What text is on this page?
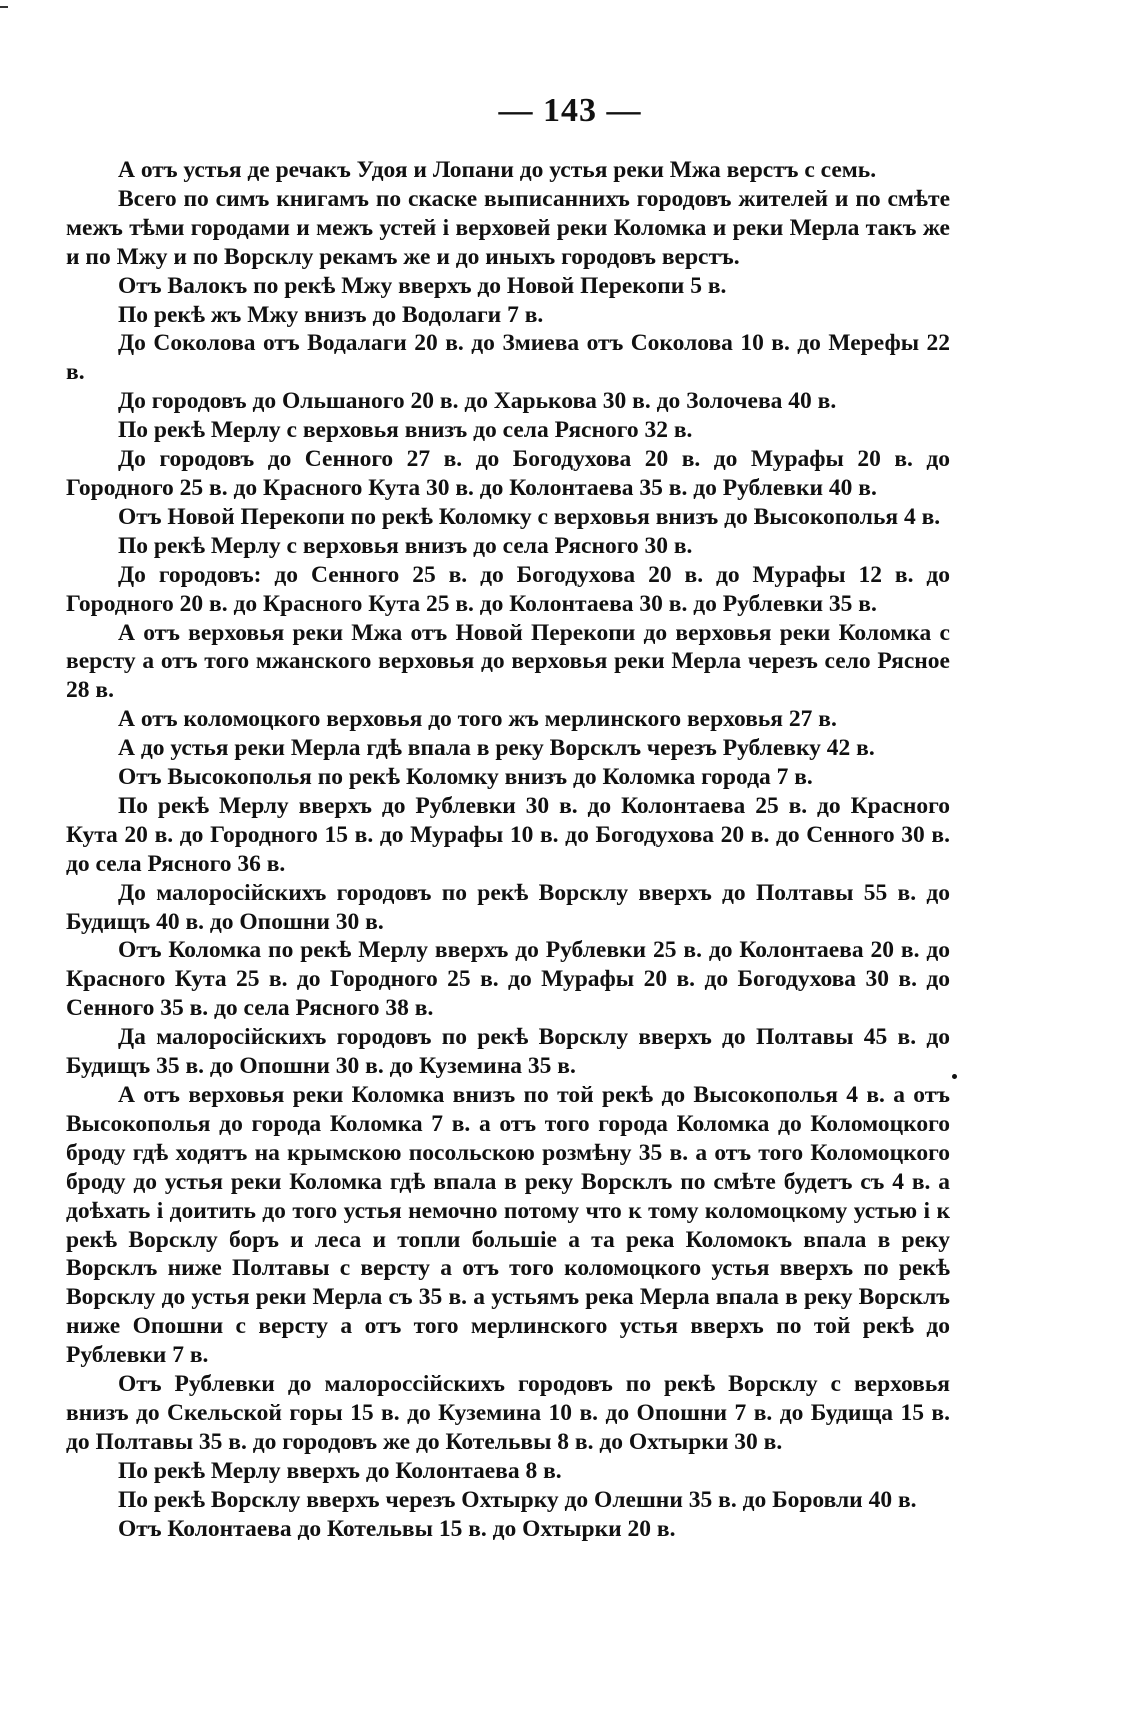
— 143 —

А отъ устья де речакъ Удоя и Лопани до устья реки Мжа верстъ с семь.

Всего по симъ книгамъ по скаске выписаннихъ городовъ жителей и по смѣте межъ тѣми городами и межъ устей і верховей реки Коломка и реки Мерла такъ же и по Мжу и по Ворсклу рекамъ же и до иныхъ городовъ верстъ.

Отъ Валокъ по рекѣ Мжу вверхъ до Новой Перекопи 5 в.

По рекѣ жъ Мжу внизъ до Водолаги 7 в.

До Соколова отъ Водалаги 20 в. до Змиева отъ Соколова 10 в. до Мерефы 22 в.

До городовъ до Ольшаного 20 в. до Харькова 30 в. до Золочева 40 в.

По рекѣ Мерлу с верховья внизъ до села Рясного 32 в.

До городовъ до Сенного 27 в. до Богодухова 20 в. до Мурафы 20 в. до Городного 25 в. до Красного Кута 30 в. до Колонтаева 35 в. до Рублевки 40 в.

Отъ Новой Перекопи по рекѣ Коломку с верховья внизъ до Высокополья 4 в.

По рекѣ Мерлу с верховья внизъ до села Рясного 30 в.

До городовъ: до Сенного 25 в. до Богодухова 20 в. до Мурафы 12 в. до Городного 20 в. до Красного Кута 25 в. до Колонтаева 30 в. до Рублевки 35 в.

А отъ верховья реки Мжа отъ Новой Перекопи до верховья реки Коломка с версту а отъ того мжанского верховья до верховья реки Мерла черезъ село Рясное 28 в.

А отъ коломоцкого верховья до того жъ мерлинского верховья 27 в.

А до устья реки Мерла гдѣ впала в реку Ворсклъ черезъ Рублевку 42 в.

Отъ Высокополья по рекѣ Коломку внизъ до Коломка города 7 в.

По рекѣ Мерлу вверхъ до Рублевки 30 в. до Колонтаева 25 в. до Красного Кута 20 в. до Городного 15 в. до Мурафы 10 в. до Богодухова 20 в. до Сенного 30 в. до села Рясного 36 в.

До малоросійскихъ городовъ по рекѣ Ворсклу вверхъ до Полтавы 55 в. до Будищъ 40 в. до Опошни 30 в.

Отъ Коломка по рекѣ Мерлу вверхъ до Рублевки 25 в. до Колонтаева 20 в. до Красного Кута 25 в. до Городного 25 в. до Мурафы 20 в. до Богодухова 30 в. до Сенного 35 в. до села Рясного 38 в.

Да малоросійскихъ городовъ по рекѣ Ворсклу вверхъ до Полтавы 45 в. до Будищъ 35 в. до Опошни 30 в. до Куземина 35 в.

А отъ верховья реки Коломка внизъ по той рекѣ до Высокополья 4 в. а отъ Высокополья до города Коломка 7 в. а отъ того города Коломка до Коломоцкого броду гдѣ ходятъ на крымскою посольскою розмѣну 35 в. а отъ того Коломоцкого броду до устья реки Коломка гдѣ впала в реку Ворсклъ по смѣте будетъ съ 4 в. а доѣхать і доитить до того устья немочно потому что к тому коломоцкому устью і к рекѣ Ворсклу боръ и леса и топли большіе а та река Коломокъ впала в реку Ворсклъ ниже Полтавы с версту а отъ того коломоцкого устья вверхъ по рекѣ Ворсклу до устья реки Мерла съ 35 в. а устьямъ река Мерла впала в реку Ворсклъ ниже Опошни с версту а отъ того мерлинского устья вверхъ по той рекѣ до Рублевки 7 в.

Отъ Рублевки до малороссійскихъ городовъ по рекѣ Ворсклу с верховья внизъ до Скельской горы 15 в. до Куземина 10 в. до Опошни 7 в. до Будища 15 в. до Полтавы 35 в. до городовъ же до Котельвы 8 в. до Охтырки 30 в.

По рекѣ Мерлу вверхъ до Колонтаева 8 в.

По рекѣ Ворсклу вверхъ черезъ Охтырку до Олешни 35 в. до Боровли 40 в.

Отъ Колонтаева до Котельвы 15 в. до Охтырки 20 в.
